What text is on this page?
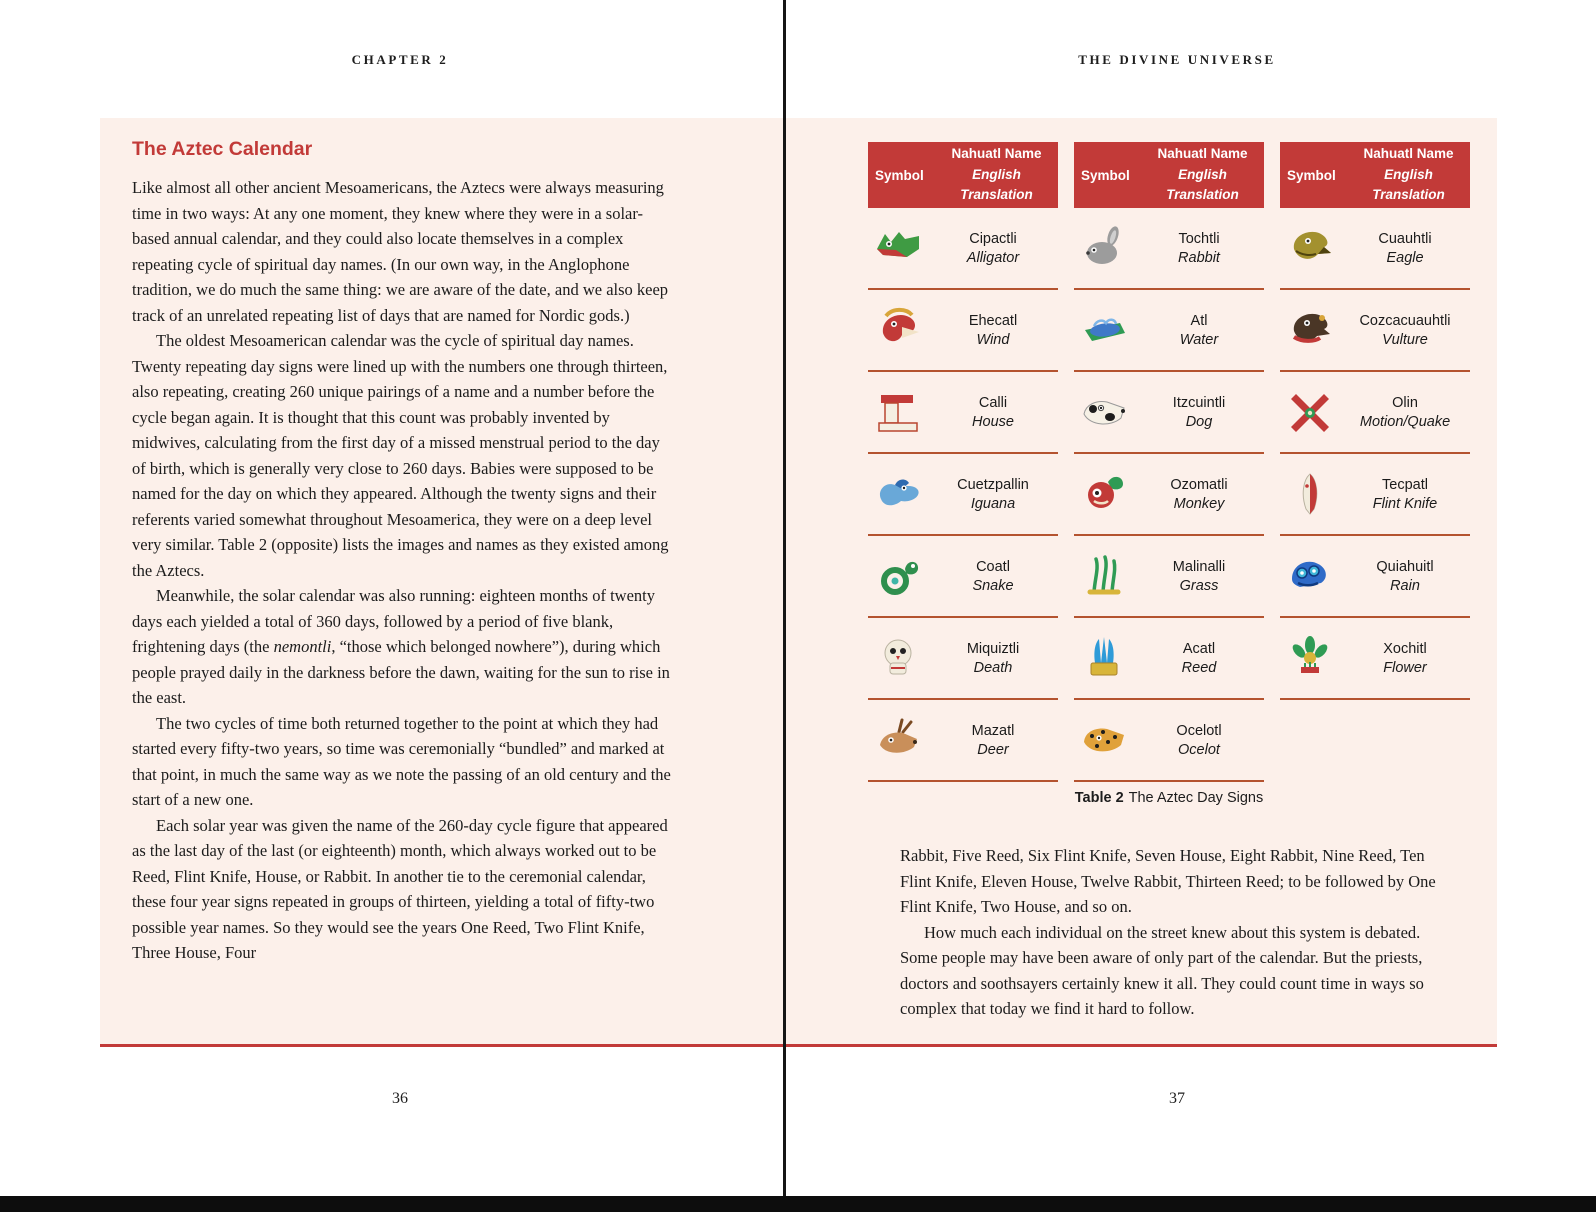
CHAPTER 2	THE DIVINE UNIVERSE
The Aztec Calendar

Like almost all other ancient Mesoamericans, the Aztecs were always measuring time in two ways: At any one moment, they knew where they were in a solar-based annual calendar, and they could also locate themselves in a complex repeating cycle of spiritual day names. (In our own way, in the Anglophone tradition, we do much the same thing: we are aware of the date, and we also keep track of an unrelated repeating list of days that are named for Nordic gods.)

The oldest Mesoamerican calendar was the cycle of spiritual day names. Twenty repeating day signs were lined up with the numbers one through thirteen, also repeating, creating 260 unique pairings of a name and a number before the cycle began again. It is thought that this count was probably invented by midwives, calculating from the first day of a missed menstrual period to the day of birth, which is generally very close to 260 days. Babies were supposed to be named for the day on which they appeared. Although the twenty signs and their referents varied somewhat throughout Mesoamerica, they were on a deep level very similar. Table 2 (opposite) lists the images and names as they existed among the Aztecs.

Meanwhile, the solar calendar was also running: eighteen months of twenty days each yielded a total of 360 days, followed by a period of five blank, frightening days (the nemontli, “those which belonged nowhere”), during which people prayed daily in the darkness before the dawn, waiting for the sun to rise in the east.

The two cycles of time both returned together to the point at which they had started every fifty-two years, so time was ceremonially “bundled” and marked at that point, in much the same way as we note the passing of an old century and the start of a new one.

Each solar year was given the name of the 260-day cycle figure that appeared as the last day of the last (or eighteenth) month, which always worked out to be Reed, Flint Knife, House, or Rabbit. In another tie to the ceremonial calendar, these four year signs repeated in groups of thirteen, yielding a total of fifty-two possible year names. So they would see the years One Reed, Two Flint Knife, Three House, Four

36
Symbol
Nahuatl Name
English Translation
Cipactli
Alligator
Ehecatl
Wind
Calli
House
Cuetzpallin
Iguana
Coatl
Snake
Miquiztli
Death
Mazatl
Deer
Symbol
Nahuatl Name
English Translation
Tochtli
Rabbit
Atl
Water
Itzcuintli
Dog
Ozomatli
Monkey
Malinalli
Grass
Acatl
Reed
Ocelotl
Ocelot
Symbol
Nahuatl Name
English Translation
Cuauhtli
Eagle
Cozcacuauhtli
Vulture
Olin
Motion/Quake
Tecpatl
Flint Knife
Quiahuitl
Rain
Xochitl
Flower
Table 2 The Aztec Day Signs

Rabbit, Five Reed, Six Flint Knife, Seven House, Eight Rabbit, Nine Reed, Ten Flint Knife, Eleven House, Twelve Rabbit, Thirteen Reed; to be followed by One Flint Knife, Two House, and so on.

How much each individual on the street knew about this system is debated. Some people may have been aware of only part of the calendar. But the priests, doctors and soothsayers certainly knew it all. They could count time in ways so complex that today we find it hard to follow.

37
